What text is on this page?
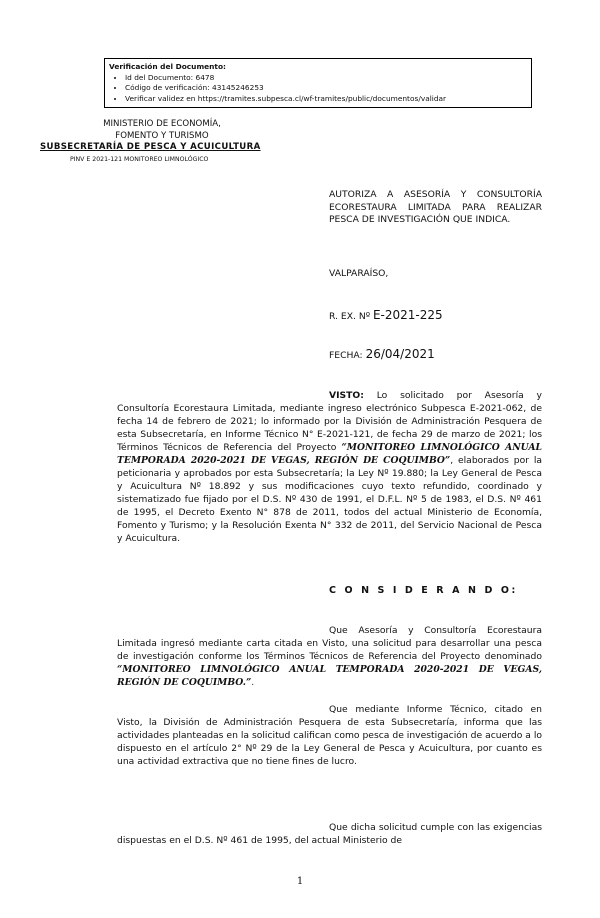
Verificación del Documento:
• Id del Documento: 6478
• Código de verificación: 43145246253
• Verificar validez en https://tramites.subpesca.cl/wf-tramites/public/documentos/validar
MINISTERIO DE ECONOMÍA,
FOMENTO Y TURISMO
SUBSECRETARÍA DE PESCA Y ACUICULTURA
PINV E 2021-121 MONITOREO LIMNOLÓGICO
AUTORIZA A ASESORÍA Y CONSULTORÍA ECORESTAURA LIMITADA PARA REALIZAR PESCA DE INVESTIGACIÓN QUE INDICA.
VALPARAÍSO,
R. EX. Nº E-2021-225
FECHA: 26/04/2021

VISTO: Lo solicitado por Asesoría y Consultoría Ecorestaura Limitada, mediante ingreso electrónico Subpesca E-2021-062, de fecha 14 de febrero de 2021; lo informado por la División de Administración Pesquera de esta Subsecretaría, en Informe Técnico N° E-2021-121, de fecha 29 de marzo de 2021; los Términos Técnicos de Referencia del Proyecto “MONITOREO LIMNOLÓGICO ANUAL TEMPORADA 2020-2021 DE VEGAS, REGIÓN DE COQUIMBO”, elaborados por la peticionaria y aprobados por esta Subsecretaría; la Ley Nº 19.880; la Ley General de Pesca y Acuicultura Nº 18.892 y sus modificaciones cuyo texto refundido, coordinado y sistematizado fue fijado por el D.S. Nº 430 de 1991, el D.F.L. Nº 5 de 1983, el D.S. Nº 461 de 1995, el Decreto Exento N° 878 de 2011, todos del actual Ministerio de Economía, Fomento y Turismo; y la Resolución Exenta N° 332 de 2011, del Servicio Nacional de Pesca y Acuicultura.

C O N S I D E R A N D O:

Que Asesoría y Consultoría Ecorestaura Limitada ingresó mediante carta citada en Visto, una solicitud para desarrollar una pesca de investigación conforme los Términos Técnicos de Referencia del Proyecto denominado “MONITOREO LIMNOLÓGICO ANUAL TEMPORADA 2020-2021 DE VEGAS, REGIÓN DE COQUIMBO.”.

Que mediante Informe Técnico, citado en Visto, la División de Administración Pesquera de esta Subsecretaría, informa que las actividades planteadas en la solicitud califican como pesca de investigación de acuerdo a lo dispuesto en el artículo 2° Nº 29 de la Ley General de Pesca y Acuicultura, por cuanto es una actividad extractiva que no tiene fines de lucro.

Que dicha solicitud cumple con las exigencias dispuestas en el D.S. Nº 461 de 1995, del actual Ministerio de

1
